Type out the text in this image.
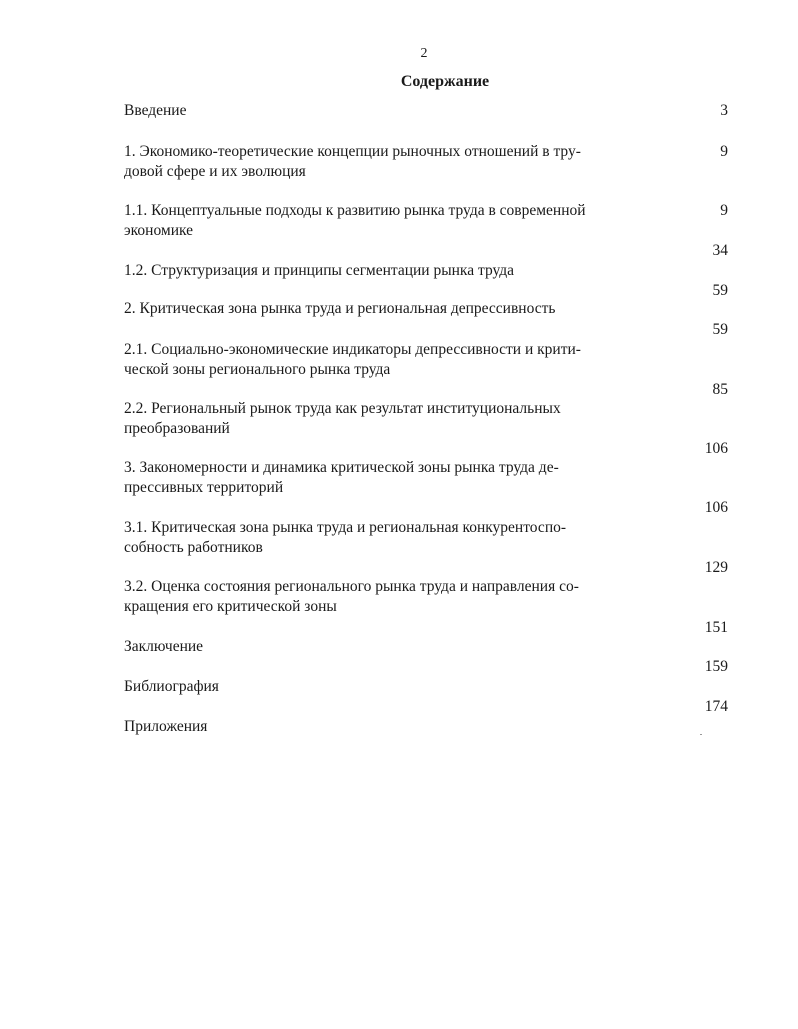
2
Содержание
Введение
1. Экономико-теоретические концепции рыночных отношений в тру-
довой сфере и их эволюция
1.1. Концептуальные подходы к развитию рынка труда в современной
экономике
1.2. Структуризация и принципы сегментации рынка труда
2. Критическая зона рынка труда и региональная депрессивность
2.1. Социально-экономические индикаторы депрессивности и крити-
ческой зоны регионального рынка труда
2.2. Региональный рынок труда как результат институциональных
преобразований
3. Закономерности и динамика критической зоны рынка труда де-
прессивных территорий
3.1. Критическая зона рынка труда и региональная конкурентоспо-
собность работников
3.2. Оценка состояния регионального рынка труда и направления со-
кращения его критической зоны
Заключение
Библиография
Приложения
3
9
9
34
59
59
85
106
106
129
151
159
174
